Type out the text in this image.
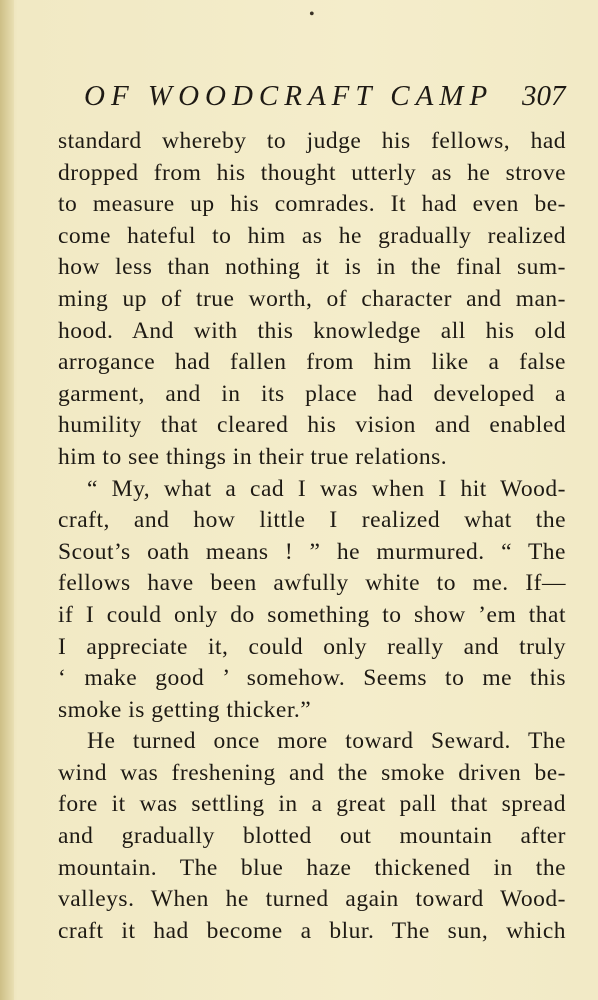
•
OF WOODCRAFT CAMP 307
standard whereby to judge his fellows, had
dropped from his thought utterly as he strove
to measure up his comrades. It had even be-
come hateful to him as he gradually realized
how less than nothing it is in the final sum-
ming up of true worth, of character and man-
hood. And with this knowledge all his old
arrogance had fallen from him like a false
garment, and in its place had developed a
humility that cleared his vision and enabled
him to see things in their true relations.
“ My, what a cad I was when I hit Wood-
craft, and how little I realized what the
Scout’s oath means ! ” he murmured. “ The
fellows have been awfully white to me. If—
if I could only do something to show ’em that
I appreciate it, could only really and truly
‘ make good ’ somehow. Seems to me this
smoke is getting thicker.”
He turned once more toward Seward. The
wind was freshening and the smoke driven be-
fore it was settling in a great pall that spread
and gradually blotted out mountain after
mountain. The blue haze thickened in the
valleys. When he turned again toward Wood-
craft it had become a blur. The sun, which
